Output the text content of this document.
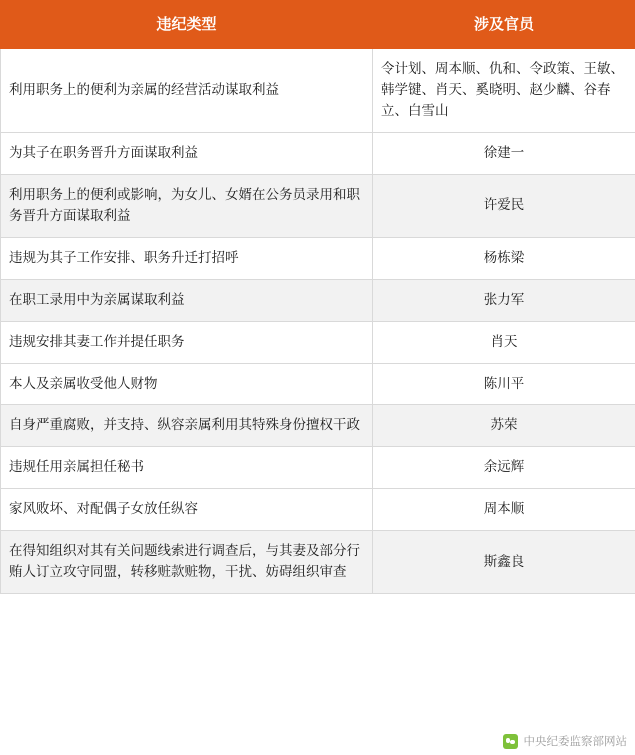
违纪类型	涉及官员
利用职务上的便利为亲属的经营活动谋取利益	令计划、周本顺、仇和、令政策、王敏、韩学键、肖天、奚晓明、赵少麟、谷春立、白雪山
为其子在职务晋升方面谋取利益	徐建一
利用职务上的便利或影响，为女儿、女婿在公务员录用和职务晋升方面谋取利益	许爱民
违规为其子工作安排、职务升迁打招呼	杨栋梁
在职工录用中为亲属谋取利益	张力军
违规安排其妻工作并提任职务	肖天
本人及亲属收受他人财物	陈川平
自身严重腐败，并支持、纵容亲属利用其特殊身份擅权干政	苏荣
违规任用亲属担任秘书	余远辉
家风败坏、对配偶子女放任纵容	周本顺
在得知组织对其有关问题线索进行调查后，与其妻及部分行贿人订立攻守同盟，转移赃款赃物，干扰、妨碍组织审查	斯鑫良
中央纪委监察部网站
